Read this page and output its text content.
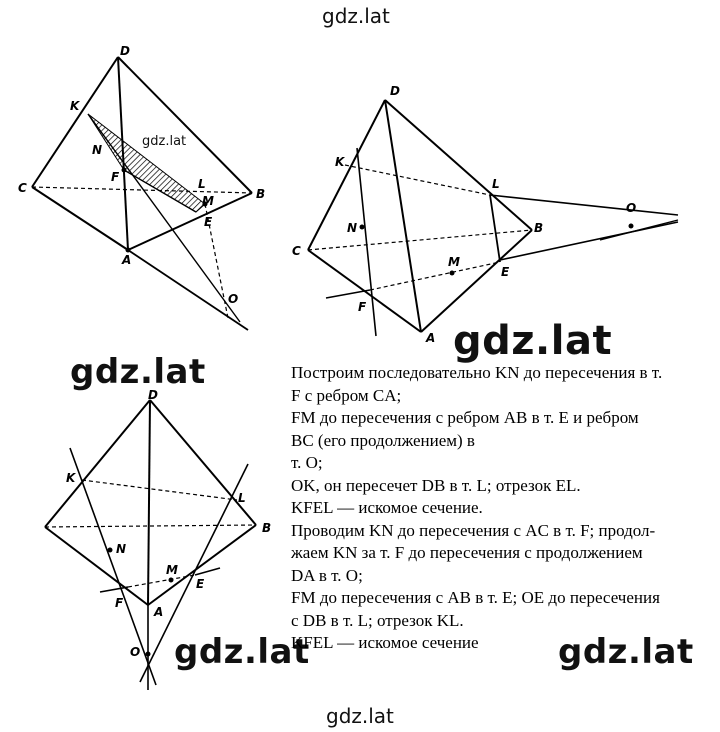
gdz.lat
gdz.lat
gdz.lat
gdz.lat	gdz.lat
gdz.lat
D
K
N
C
F	L
B
M
E
A
O
gdz.lat
D
K
L
O
N	B
C
M
E
F
A
D
K
L
N
B
M
E
F
A
O

Построим последовательно KN до пересечения в т.

F с ребром CA;

FM до пересечения с ребром AB в т. E и ребром

BC (его продолжением) в

т. O;

OK, он пересечет DB в т. L; отрезок EL.

KFEL — искомое сечение.

Проводим KN до пересечения с AC в т. F; продол-

жаем KN за т. F до пересечения с продолжением

DA в т. O;

FM до пересечения с AB в т. E; OE до пересечения

с DB в т. L; отрезок KL.

KFEL — искомое сечение
